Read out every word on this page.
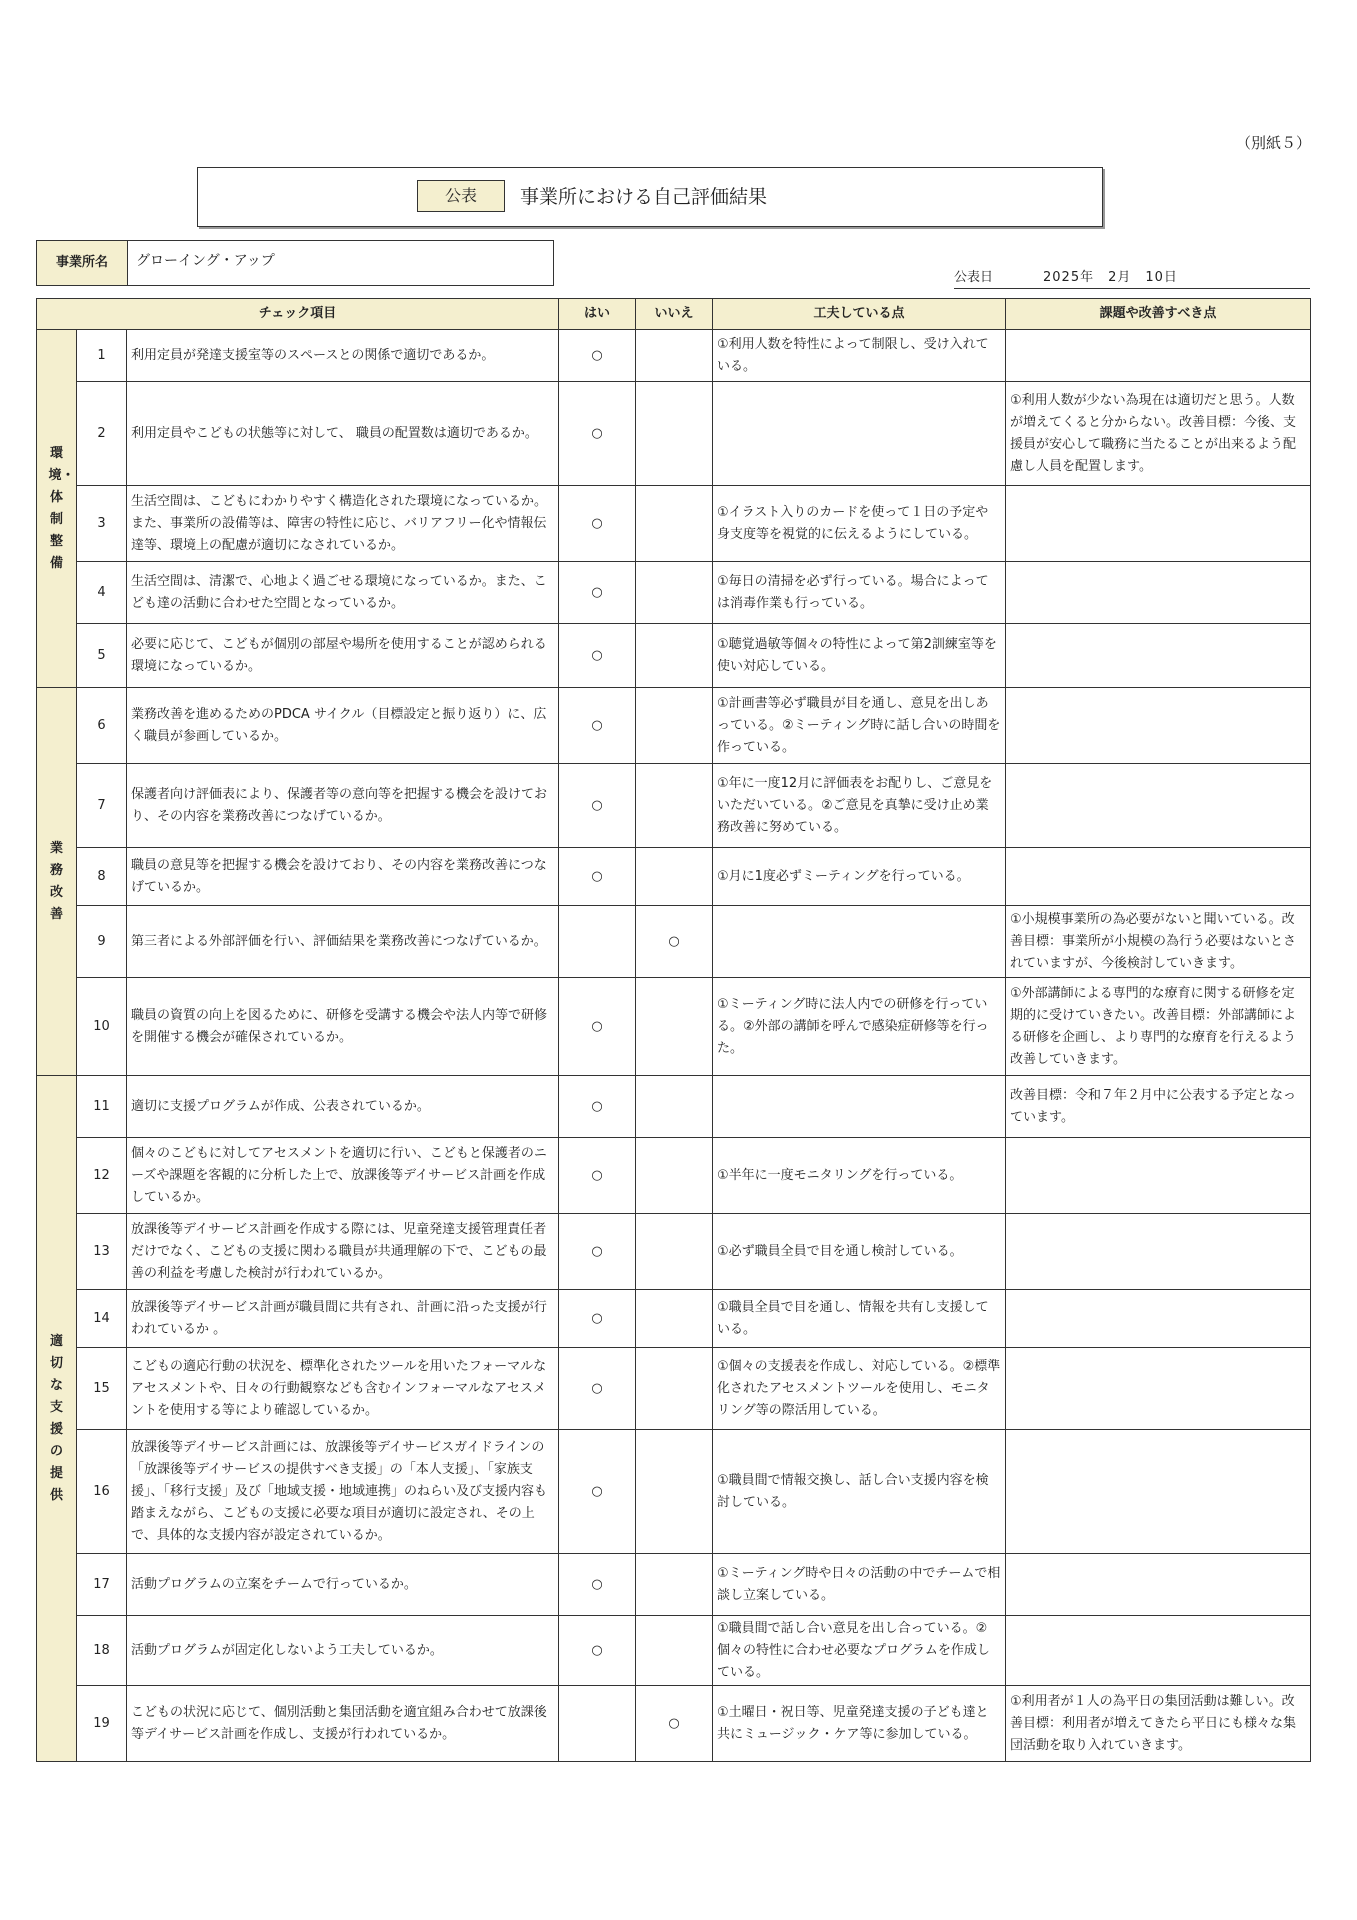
（別紙５）
公表	事業所における自己評価結果
事業所名	グローイング・アップ
公表日	2025年　2月　10日
チェック項目			はい	いいえ	工夫している点	課題や改善すべき点
環境・体制整備	1	利用定員が発達支援室等のスペースとの関係で適切であるか。	○		①利用人数を特性によって制限し、受け入れている。	
	2	利用定員やこどもの状態等に対して、 職員の配置数は適切であるか。	○			①利用人数が少ない為現在は適切だと思う。人数が増えてくると分からない。改善目標：今後、支援員が安心して職務に当たることが出来るよう配慮し人員を配置します。
	3	生活空間は、こどもにわかりやすく構造化された環境になっているか。また、事業所の設備等は、障害の特性に応じ、バリアフリー化や情報伝達等、環境上の配慮が適切になされているか。	○		①イラスト入りのカードを使って１日の予定や身支度等を視覚的に伝えるようにしている。	
	4	生活空間は、清潔で、心地よく過ごせる環境になっているか。また、こども達の活動に合わせた空間となっているか。	○		①毎日の清掃を必ず行っている。場合によっては消毒作業も行っている。	
	5	必要に応じて、こどもが個別の部屋や場所を使用することが認められる環境になっているか。	○		①聴覚過敏等個々の特性によって第2訓練室等を使い対応している。	
業務改善	6	業務改善を進めるためのPDCA サイクル（目標設定と振り返り）に、広く職員が参画しているか。	○		①計画書等必ず職員が目を通し、意見を出しあっている。②ミーティング時に話し合いの時間を作っている。	
	7	保護者向け評価表により、保護者等の意向等を把握する機会を設けており、その内容を業務改善につなげているか。	○		①年に一度12月に評価表をお配りし、ご意見をいただいている。②ご意見を真摯に受け止め業務改善に努めている。	
	8	職員の意見等を把握する機会を設けており、その内容を業務改善につなげているか。	○		①月に1度必ずミーティングを行っている。	
	9	第三者による外部評価を行い、評価結果を業務改善につなげているか。		○		①小規模事業所の為必要がないと聞いている。改善目標：事業所が小規模の為行う必要はないとされていますが、今後検討していきます。
	10	職員の資質の向上を図るために、研修を受講する機会や法人内等で研修を開催する機会が確保されているか。	○		①ミーティング時に法人内での研修を行っている。②外部の講師を呼んで感染症研修等を行った。	①外部講師による専門的な療育に関する研修を定期的に受けていきたい。改善目標：外部講師による研修を企画し、より専門的な療育を行えるよう改善していきます。
適切な支援の提供	11	適切に支援プログラムが作成、公表されているか。	○			改善目標：令和７年２月中に公表する予定となっています。
	12	個々のこどもに対してアセスメントを適切に行い、こどもと保護者のニーズや課題を客観的に分析した上で、放課後等デイサービス計画を作成しているか。	○		①半年に一度モニタリングを行っている。	
	13	放課後等デイサービス計画を作成する際には、児童発達支援管理責任者だけでなく、こどもの支援に関わる職員が共通理解の下で、こどもの最善の利益を考慮した検討が行われているか。	○		①必ず職員全員で目を通し検討している。	
	14	放課後等デイサービス計画が職員間に共有され、計画に沿った支援が行われているか 。	○		①職員全員で目を通し、情報を共有し支援している。	
	15	こどもの適応行動の状況を、標準化されたツールを用いたフォーマルなアセスメントや、日々の行動観察なども含むインフォーマルなアセスメントを使用する等により確認しているか。	○		①個々の支援表を作成し、対応している。②標準化されたアセスメントツールを使用し、モニタリング等の際活用している。	
	16	放課後等デイサービス計画には、放課後等デイサービスガイドラインの「放課後等デイサービスの提供すべき支援」の「本人支援」、「家族支援」、「移行支援」及び「地域支援・地域連携」のねらい及び支援内容も踏まえながら、こどもの支援に必要な項目が適切に設定され、その上で、具体的な支援内容が設定されているか。	○		①職員間で情報交換し、話し合い支援内容を検討している。	
	17	活動プログラムの立案をチームで行っているか。	○		①ミーティング時や日々の活動の中でチームで相談し立案している。	
	18	活動プログラムが固定化しないよう工夫しているか。	○		①職員間で話し合い意見を出し合っている。②個々の特性に合わせ必要なプログラムを作成している。	
	19	こどもの状況に応じて、個別活動と集団活動を適宜組み合わせて放課後等デイサービス計画を作成し、支援が行われているか。		○	①土曜日・祝日等、児童発達支援の子ども達と共にミュージック・ケア等に参加している。	①利用者が１人の為平日の集団活動は難しい。改善目標：利用者が増えてきたら平日にも様々な集団活動を取り入れていきます。
